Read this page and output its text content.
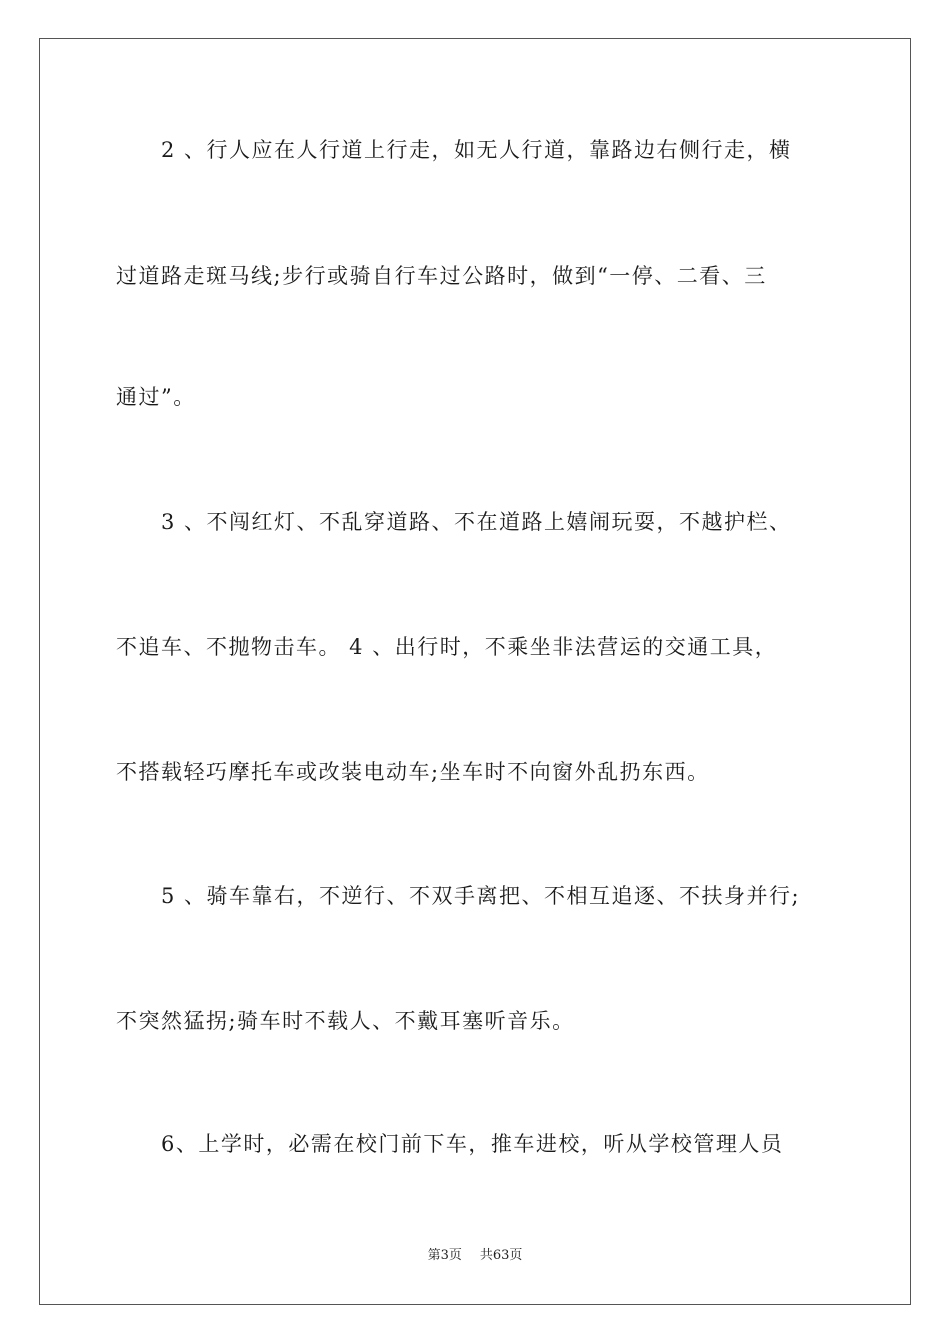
　　2 、行人应在人行道上行走，如无人行道，靠路边右侧行走，横
过道路走斑马线;步行或骑自行车过公路时，做到“一停、二看、三
通过”。
　　3 、不闯红灯、不乱穿道路、不在道路上嬉闹玩耍，不越护栏、
不追车、不抛物击车。 4 、出行时，不乘坐非法营运的交通工具，
不搭载轻巧摩托车或改装电动车;坐车时不向窗外乱扔东西。
　　5 、骑车靠右，不逆行、不双手离把、不相互追逐、不扶身并行;
不突然猛拐;骑车时不载人、不戴耳塞听音乐。
　　6、上学时，必需在校门前下车，推车进校，听从学校管理人员
第3页 共63页
